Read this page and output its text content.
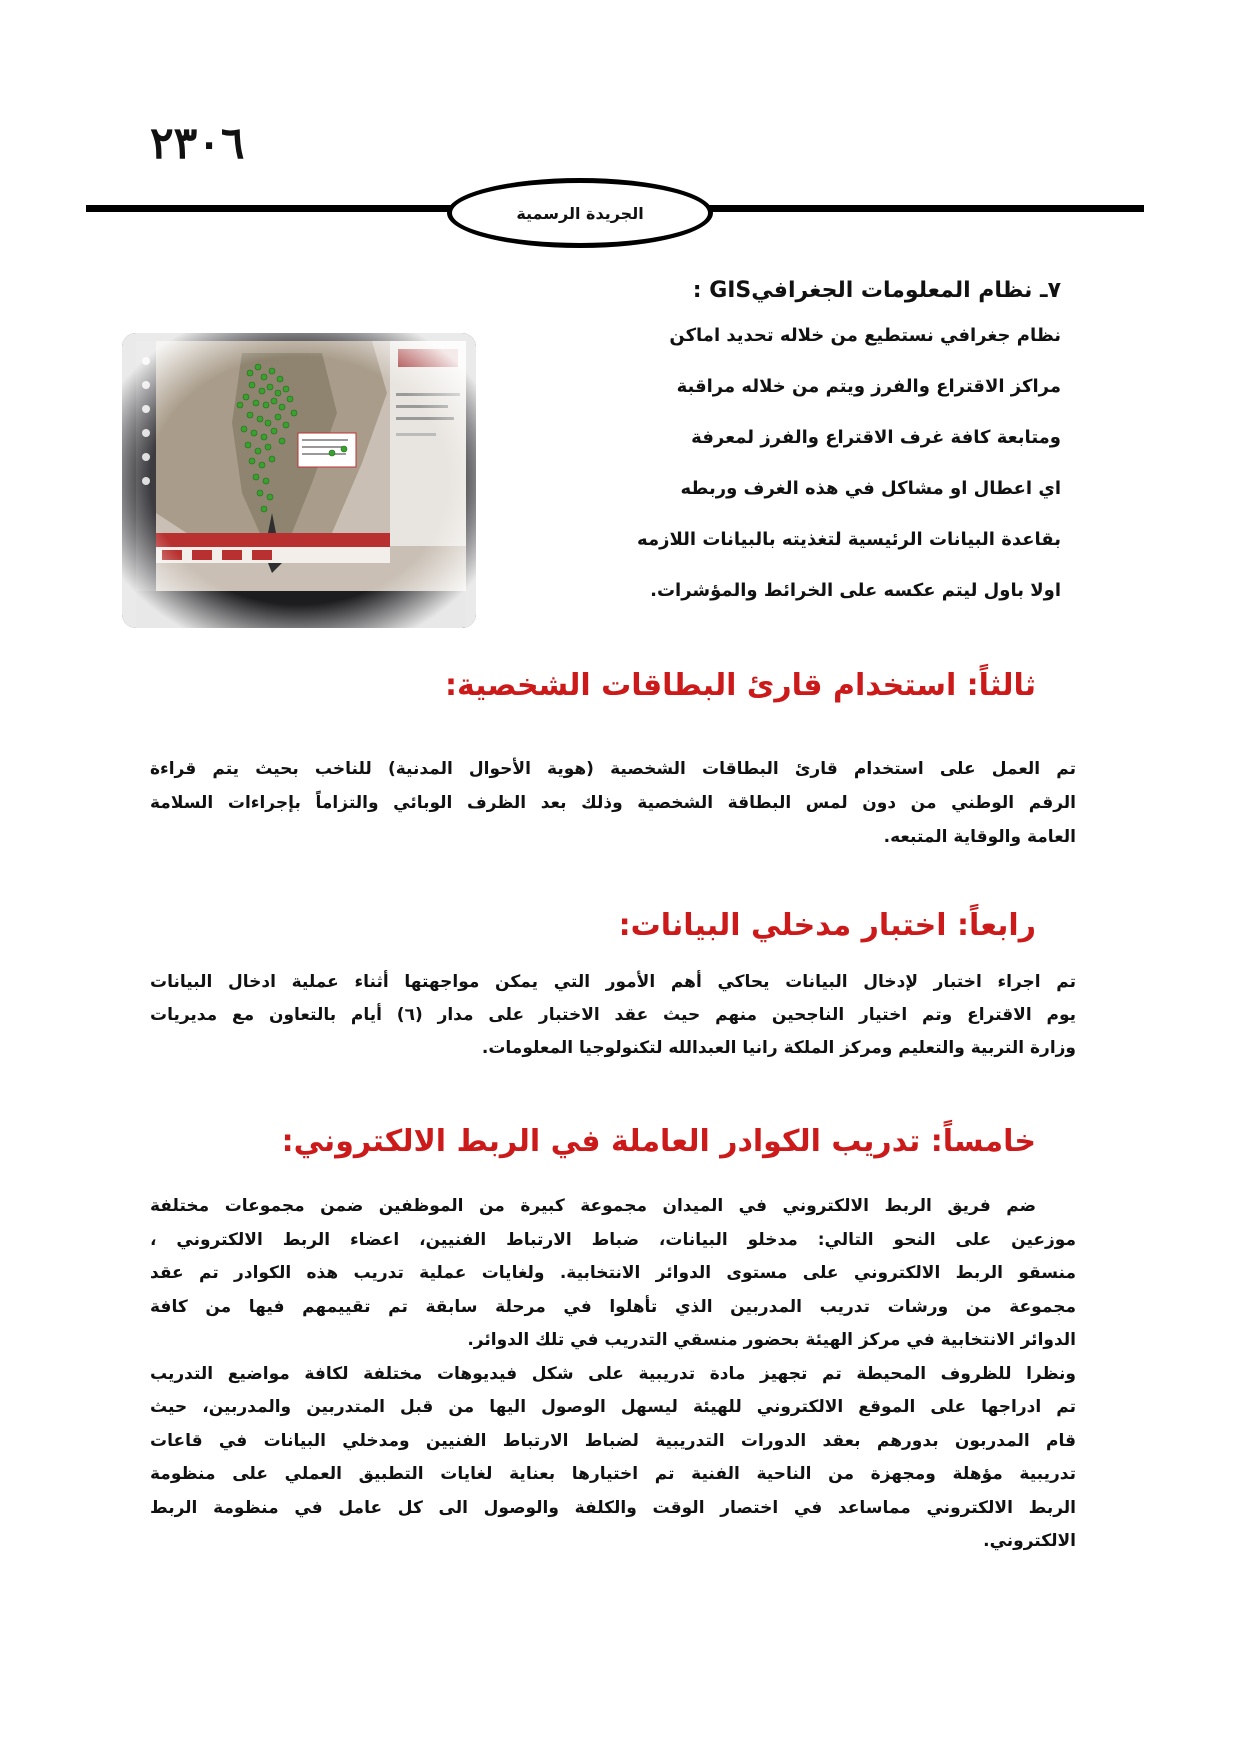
٢٣٠٦
الجريدة الرسمية
٧ـ نظام المعلومات الجغرافيGIS :
نظام جغرافي نستطيع من خلاله تحديد اماكن
مراكز الاقتراع والفرز ويتم من خلاله مراقبة
ومتابعة كافة غرف الاقتراع والفرز لمعرفة
اي اعطال او مشاكل في هذه الغرف وربطه
بقاعدة البيانات الرئيسية لتغذيته بالبيانات اللازمه
اولا باول ليتم عكسه على الخرائط والمؤشرات.
ثالثاً: استخدام قارئ البطاقات الشخصية:
تم العمل على استخدام قارئ البطاقات الشخصية (هوية الأحوال المدنية) للناخب بحيث يتم قراءة
الرقم الوطني من دون لمس البطاقة الشخصية وذلك بعد الظرف الوبائي والتزاماً بإجراءات السلامة
العامة والوقاية المتبعه.
رابعاً: اختبار مدخلي البيانات:
تم اجراء اختبار لإدخال البيانات يحاكي أهم الأمور التي يمكن مواجهتها أثناء عملية ادخال البيانات
يوم الاقتراع وتم اختيار الناجحين منهم حيث عقد الاختبار على مدار (٦) أيام بالتعاون مع مديريات
وزارة التربية والتعليم ومركز الملكة رانيا العبدالله لتكنولوجيا المعلومات.
خامساً: تدريب الكوادر العاملة في الربط الالكتروني:
ضم فريق الربط الالكتروني في الميدان مجموعة كبيرة من الموظفين ضمن مجموعات مختلفة
موزعين على النحو التالي: مدخلو البيانات، ضباط الارتباط الفنيين، اعضاء الربط الالكتروني ،
منسقو الربط الالكتروني على مستوى الدوائر الانتخابية. ولغايات عملية تدريب هذه الكوادر تم عقد
مجموعة من ورشات تدريب المدربين الذي تأهلوا في مرحلة سابقة تم تقييمهم فيها من كافة
الدوائر الانتخابية في مركز الهيئة بحضور منسقي التدريب في تلك الدوائر.
ونظرا للظروف المحيطة تم تجهيز مادة تدريبية على شكل فيديوهات مختلفة لكافة مواضيع التدريب
تم ادراجها على الموقع الالكتروني للهيئة ليسهل الوصول اليها من قبل المتدربين والمدربين، حيث
قام المدربون بدورهم بعقد الدورات التدريبية لضباط الارتباط الفنيين ومدخلي البيانات في قاعات
تدريبية مؤهلة ومجهزة من الناحية الفنية تم اختيارها بعناية لغايات التطبيق العملي على منظومة
الربط الالكتروني مماساعد في اختصار الوقت والكلفة والوصول الى كل عامل في منظومة الربط
الالكتروني.
